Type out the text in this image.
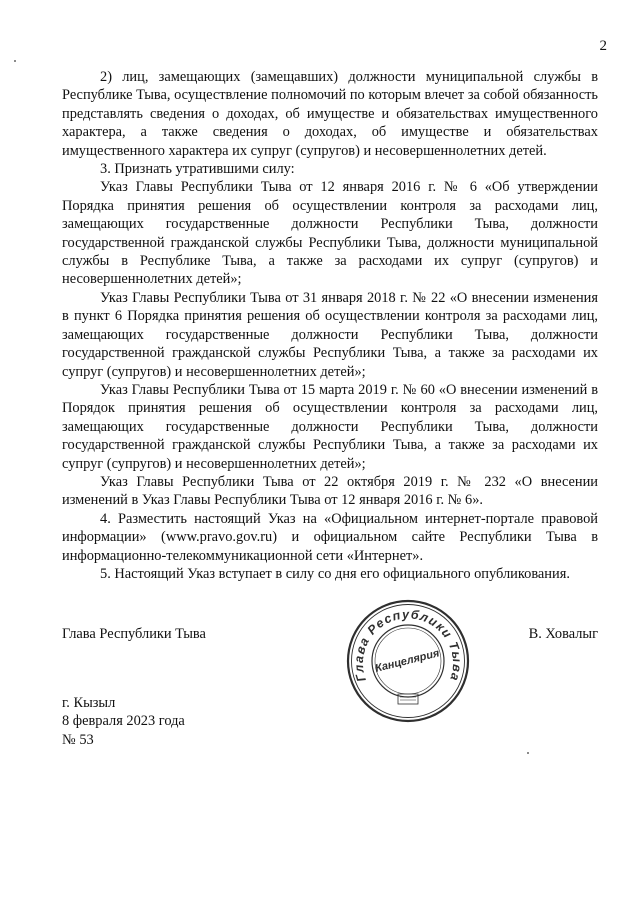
2

2) лиц, замещающих (замещавших) должности муниципальной службы в Республике Тыва, осуществление полномочий по которым влечет за собой обязанность представлять сведения о доходах, об имуществе и обязательствах имущественного характера, а также сведения о доходах, об имуществе и обязательствах имущественного характера их супруг (супругов) и несовершеннолетних детей.

3. Признать утратившими силу:

Указ Главы Республики Тыва от 12 января 2016 г. № 6 «Об утверждении Порядка принятия решения об осуществлении контроля за расходами лиц, замещающих государственные должности Республики Тыва, должности государственной гражданской службы Республики Тыва, должности муниципальной службы в Республике Тыва, а также за расходами их супруг (супругов) и несовершеннолетних детей»;

Указ Главы Республики Тыва от 31 января 2018 г. № 22 «О внесении изменения в пункт 6 Порядка принятия решения об осуществлении контроля за расходами лиц, замещающих государственные должности Республики Тыва, должности государственной гражданской службы Республики Тыва, а также за расходами их супруг (супругов) и несовершеннолетних детей»;

Указ Главы Республики Тыва от 15 марта 2019 г. № 60 «О внесении изменений в Порядок принятия решения об осуществлении контроля за расходами лиц, замещающих государственные должности Республики Тыва, должности государственной гражданской службы Республики Тыва, а также за расходами их супруг (супругов) и несовершеннолетних детей»;

Указ Главы Республики Тыва от 22 октября 2019 г. № 232 «О внесении изменений в Указ Главы Республики Тыва от 12 января 2016 г. № 6».

4. Разместить настоящий Указ на «Официальном интернет-портале правовой информации» (www.pravo.gov.ru) и официальном сайте Республики Тыва в информационно-телекоммуникационной сети «Интернет».

5. Настоящий Указ вступает в силу со дня его официального опубликования.

Глава Республики Тыва	В. Ховалыг
Глава Республики Тыва
Канцелярия
г. Кызыл
8 февраля 2023 года
№ 53
